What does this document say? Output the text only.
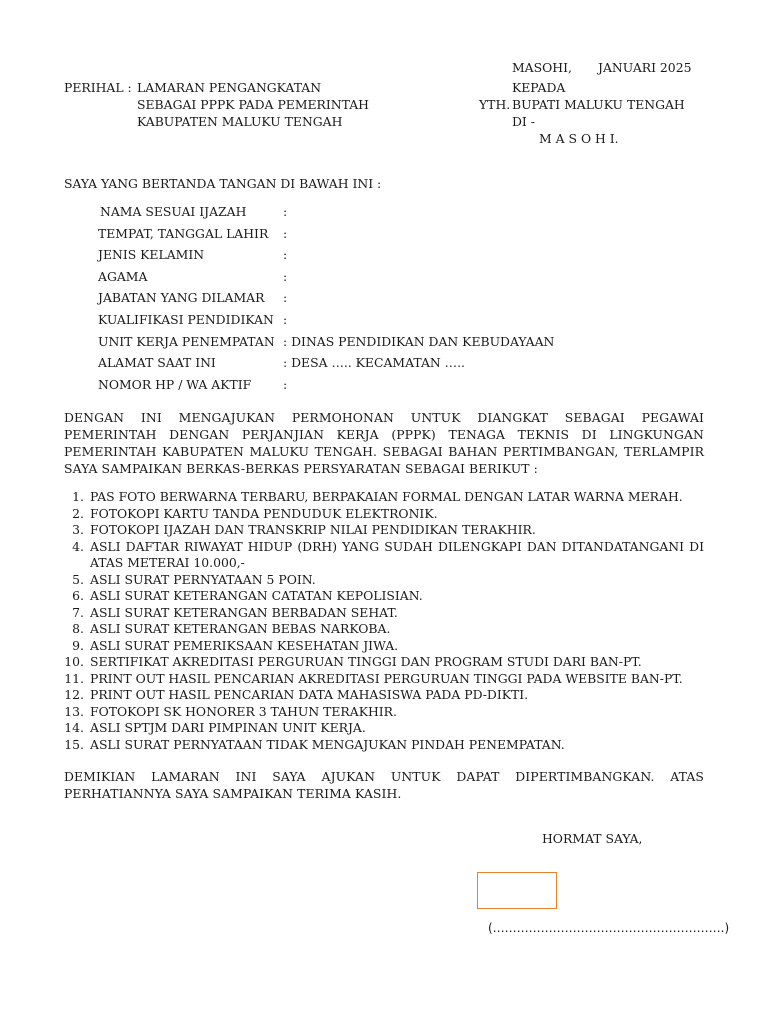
MASOHI, JANUARI 2025
KEPADA
YTH. BUPATI MALUKU TENGAH
DI -
M A S O H I.
PERIHAL : LAMARAN PENGANGKATAN
SEBAGAI PPPK PADA PEMERINTAH
KABUPATEN MALUKU TENGAH
SAYA YANG BERTANDA TANGAN DI BAWAH INI :
NAMA SESUAI IJAZAH	:
TEMPAT, TANGGAL LAHIR :
JENIS KELAMIN	:
AGAMA	:
JABATAN YANG DILAMAR :
KUALIFIKASI PENDIDIKAN :
UNIT KERJA PENEMPATAN : DINAS PENDIDIKAN DAN KEBUDAYAAN
ALAMAT SAAT INI	: DESA ….. KECAMATAN …..
NOMOR HP / WA AKTIF	:
DENGAN INI MENGAJUKAN PERMOHONAN UNTUK DIANGKAT SEBAGAI PEGAWAI PEMERINTAH DENGAN PERJANJIAN KERJA (PPPK) TENAGA TEKNIS DI LINGKUNGAN PEMERINTAH KABUPATEN MALUKU TENGAH. SEBAGAI BAHAN PERTIMBANGAN, TERLAMPIR SAYA SAMPAIKAN BERKAS-BERKAS PERSYARATAN SEBAGAI BERIKUT :
1. PAS FOTO BERWARNA TERBARU, BERPAKAIAN FORMAL DENGAN LATAR WARNA MERAH.
2. FOTOKOPI KARTU TANDA PENDUDUK ELEKTRONIK.
3. FOTOKOPI IJAZAH DAN TRANSKRIP NILAI PENDIDIKAN TERAKHIR.
4. ASLI DAFTAR RIWAYAT HIDUP (DRH) YANG SUDAH DILENGKAPI DAN DITANDATANGANI DI ATAS METERAI 10.000,-
5. ASLI SURAT PERNYATAAN 5 POIN.
6. ASLI SURAT KETERANGAN CATATAN KEPOLISIAN.
7. ASLI SURAT KETERANGAN BERBADAN SEHAT.
8. ASLI SURAT KETERANGAN BEBAS NARKOBA.
9. ASLI SURAT PEMERIKSAAN KESEHATAN JIWA.
10. SERTIFIKAT AKREDITASI PERGURUAN TINGGI DAN PROGRAM STUDI DARI BAN-PT.
11. PRINT OUT HASIL PENCARIAN AKREDITASI PERGURUAN TINGGI PADA WEBSITE BAN-PT.
12. PRINT OUT HASIL PENCARIAN DATA MAHASISWA PADA PD-DIKTI.
13. FOTOKOPI SK HONORER 3 TAHUN TERAKHIR.
14. ASLI SPTJM DARI PIMPINAN UNIT KERJA.
15. ASLI SURAT PERNYATAAN TIDAK MENGAJUKAN PINDAH PENEMPATAN.
DEMIKIAN LAMARAN INI SAYA AJUKAN UNTUK DAPAT DIPERTIMBANGKAN. ATAS PERHATIANNYA SAYA SAMPAIKAN TERIMA KASIH.
HORMAT SAYA,
(………………………………………………….)
